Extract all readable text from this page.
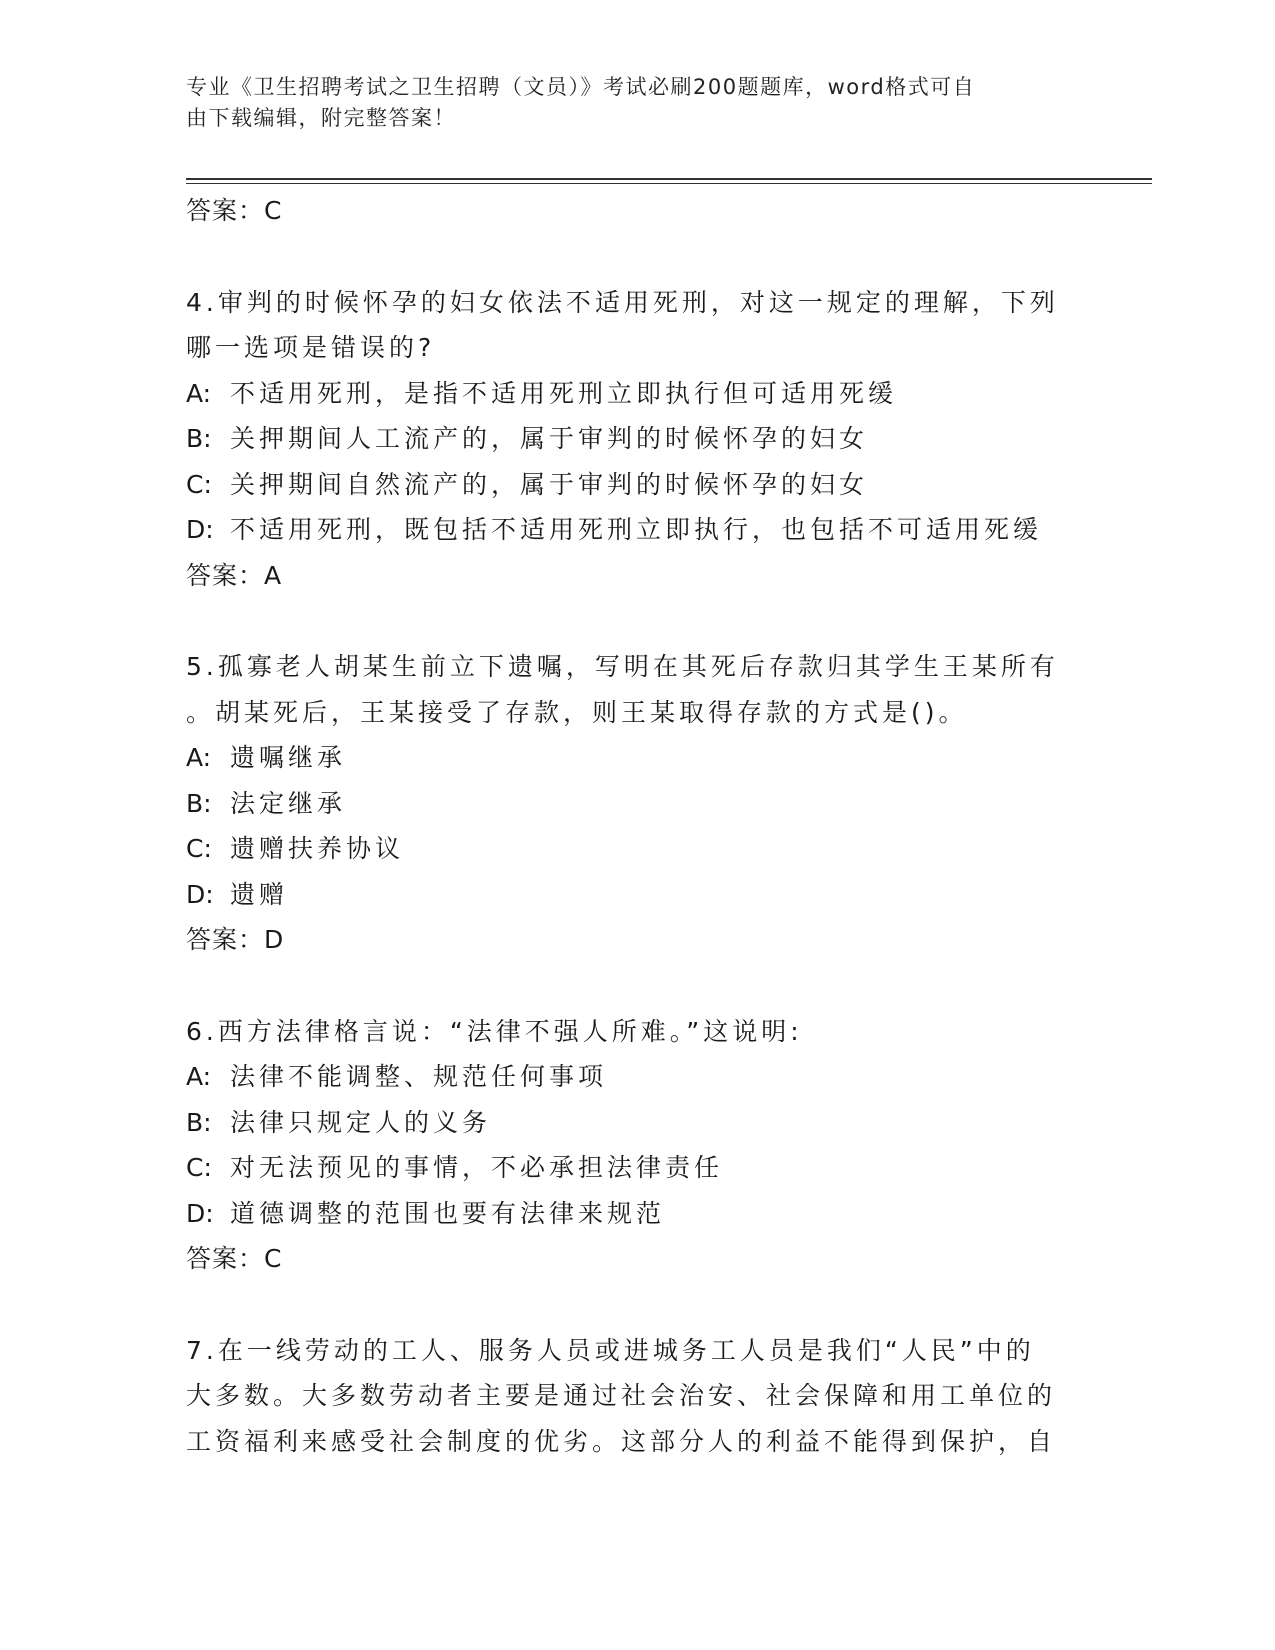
专业《卫生招聘考试之卫生招聘（文员）》考试必刷200题题库，word格式可自
由下载编辑，附完整答案！
答案：C
4.审判的时候怀孕的妇女依法不适用死刑，对这一规定的理解，下列
哪一选项是错误的?
A: 不适用死刑，是指不适用死刑立即执行但可适用死缓
B: 关押期间人工流产的，属于审判的时候怀孕的妇女
C: 关押期间自然流产的，属于审判的时候怀孕的妇女
D: 不适用死刑，既包括不适用死刑立即执行，也包括不可适用死缓
答案：A
5.孤寡老人胡某生前立下遗嘱，写明在其死后存款归其学生王某所有
。胡某死后，王某接受了存款，则王某取得存款的方式是()。
A: 遗嘱继承
B: 法定继承
C: 遗赠扶养协议
D: 遗赠
答案：D
6.西方法律格言说：“法律不强人所难。”这说明:
A: 法律不能调整、规范任何事项
B: 法律只规定人的义务
C: 对无法预见的事情，不必承担法律责任
D: 道德调整的范围也要有法律来规范
答案：C
7.在一线劳动的工人、服务人员或进城务工人员是我们“人民”中的
大多数。大多数劳动者主要是通过社会治安、社会保障和用工单位的
工资福利来感受社会制度的优劣。这部分人的利益不能得到保护，自
